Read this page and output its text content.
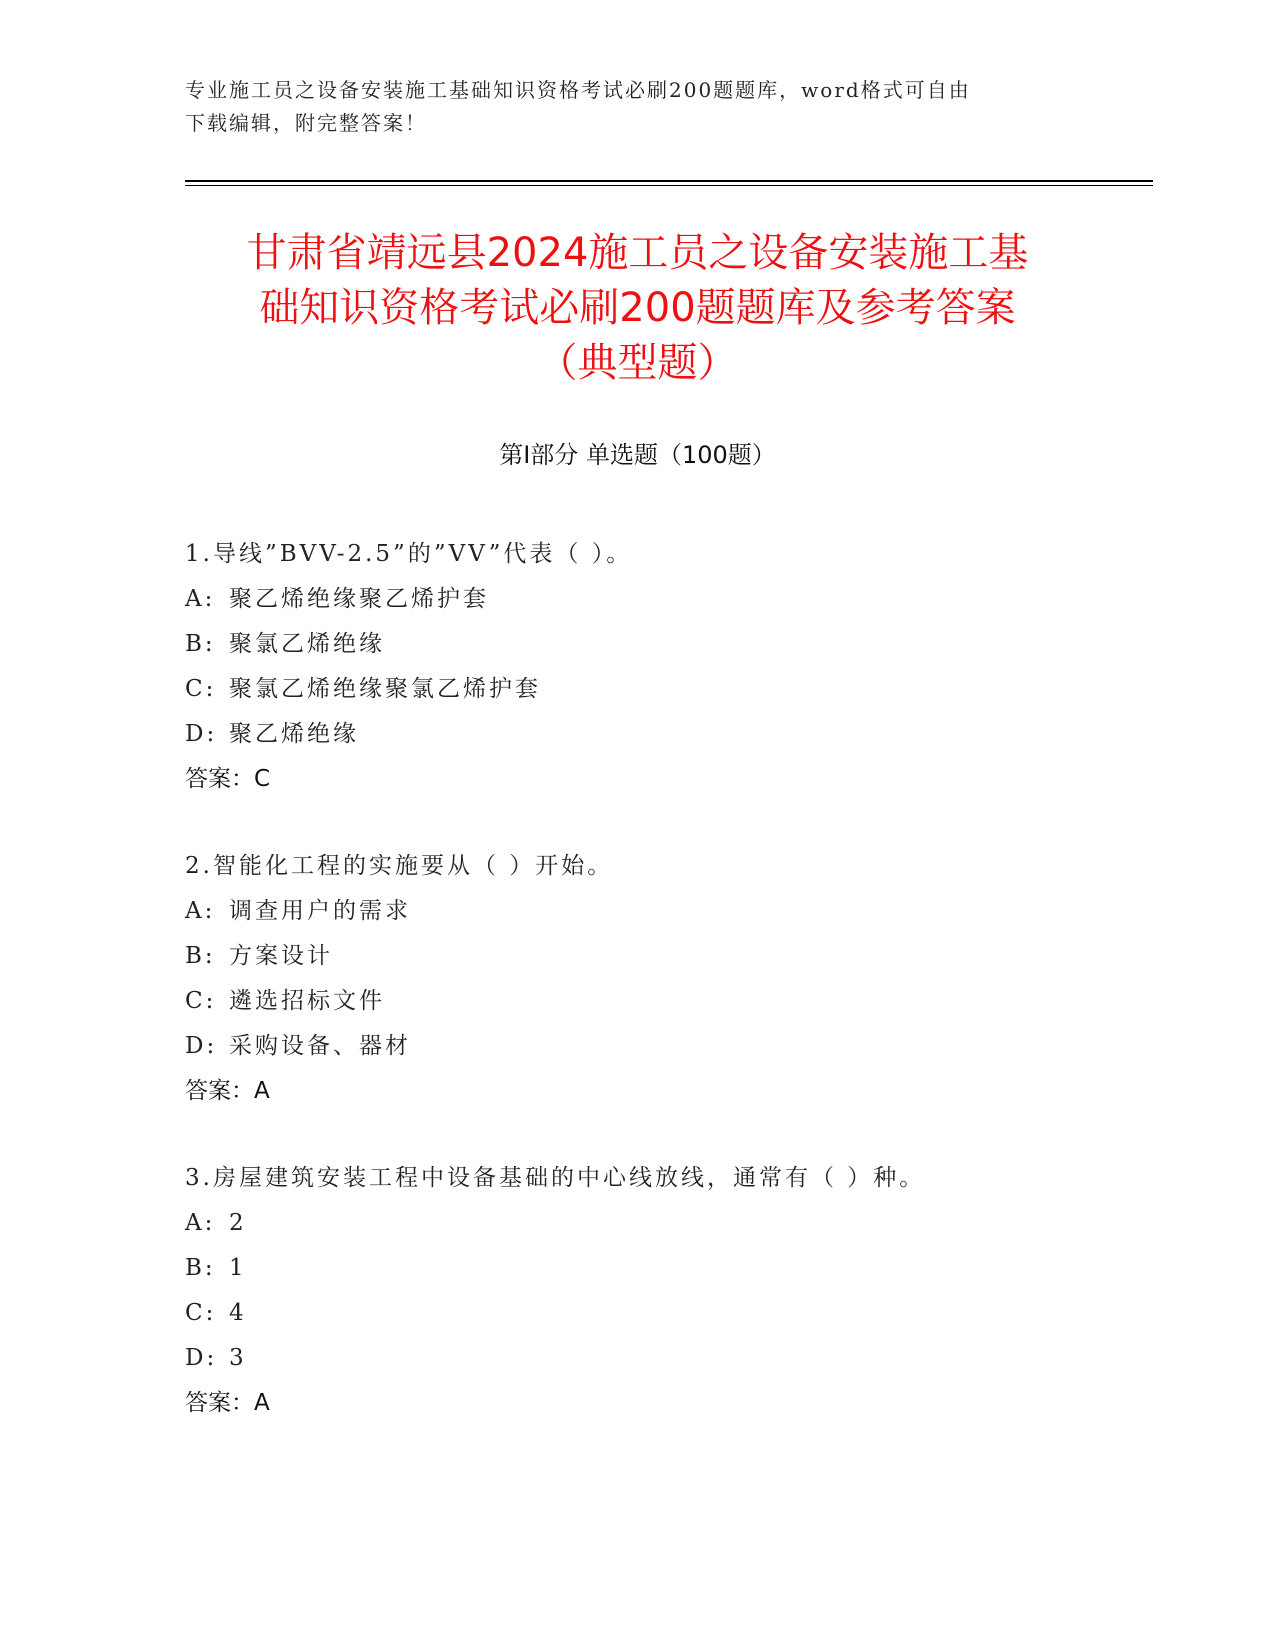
专业施工员之设备安装施工基础知识资格考试必刷200题题库，word格式可自由
下载编辑，附完整答案！
甘肃省靖远县2024施工员之设备安装施工基
础知识资格考试必刷200题题库及参考答案
（典型题）
第Ⅰ部分 单选题（100题）
1.导线”BVV-2.5”的”VV”代表（ ）。
A: 聚乙烯绝缘聚乙烯护套
B: 聚氯乙烯绝缘
C: 聚氯乙烯绝缘聚氯乙烯护套
D: 聚乙烯绝缘
答案：C
2.智能化工程的实施要从（ ）开始。
A: 调查用户的需求
B: 方案设计
C: 遴选招标文件
D: 采购设备、器材
答案：A
3.房屋建筑安装工程中设备基础的中心线放线，通常有（ ）种。
A: 2
B: 1
C: 4
D: 3
答案：A
